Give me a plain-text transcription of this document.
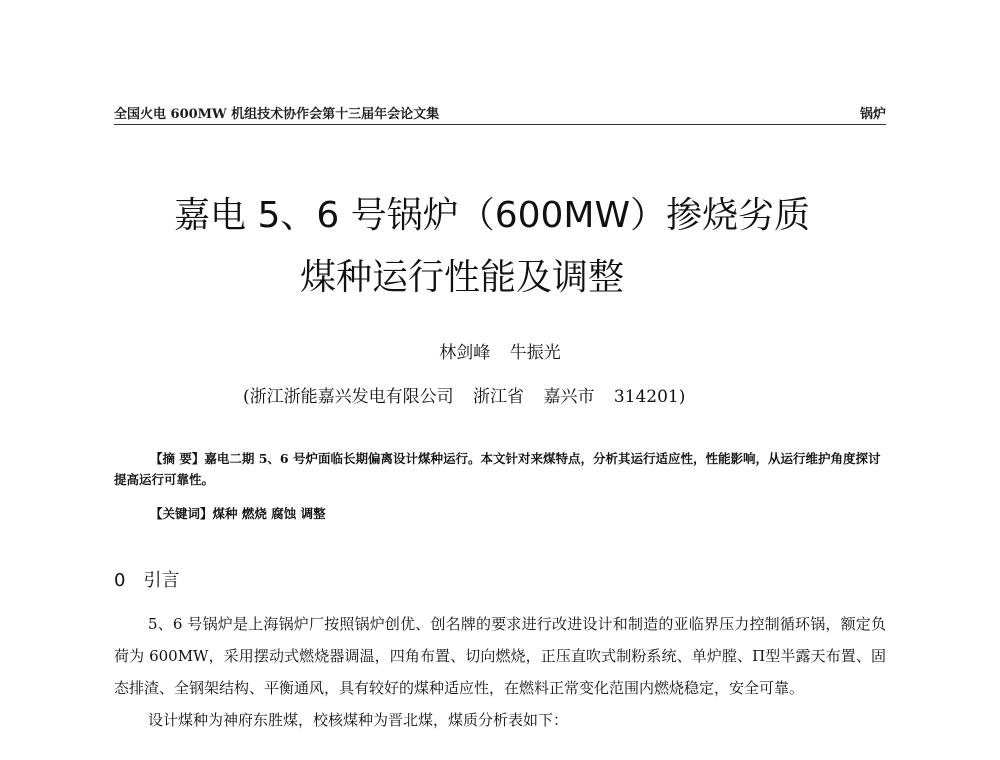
全国火电 600MW 机组技术协作会第十三届年会论文集	锅炉
嘉电 5、6 号锅炉（600MW）掺烧劣质
煤种运行性能及调整
林剑峰 牛振光
(浙江浙能嘉兴发电有限公司 浙江省 嘉兴市 314201)

【摘 要】嘉电二期 5、6 号炉面临长期偏离设计煤种运行。本文针对来煤特点，分析其运行适应性，性能影响，从运行维护角度探讨提高运行可靠性。

【关键词】煤种 燃烧 腐蚀 调整

0 引言

5、6 号锅炉是上海锅炉厂按照锅炉创优、创名牌的要求进行改进设计和制造的亚临界压力控制循环锅，额定负荷为 600MW，采用摆动式燃烧器调温，四角布置、切向燃烧，正压直吹式制粉系统、单炉膛、Π型半露天布置、固态排渣、全钢架结构、平衡通风，具有较好的煤种适应性，在燃料正常变化范围内燃烧稳定，安全可靠。

设计煤种为神府东胜煤，校核煤种为晋北煤，煤质分析表如下：
